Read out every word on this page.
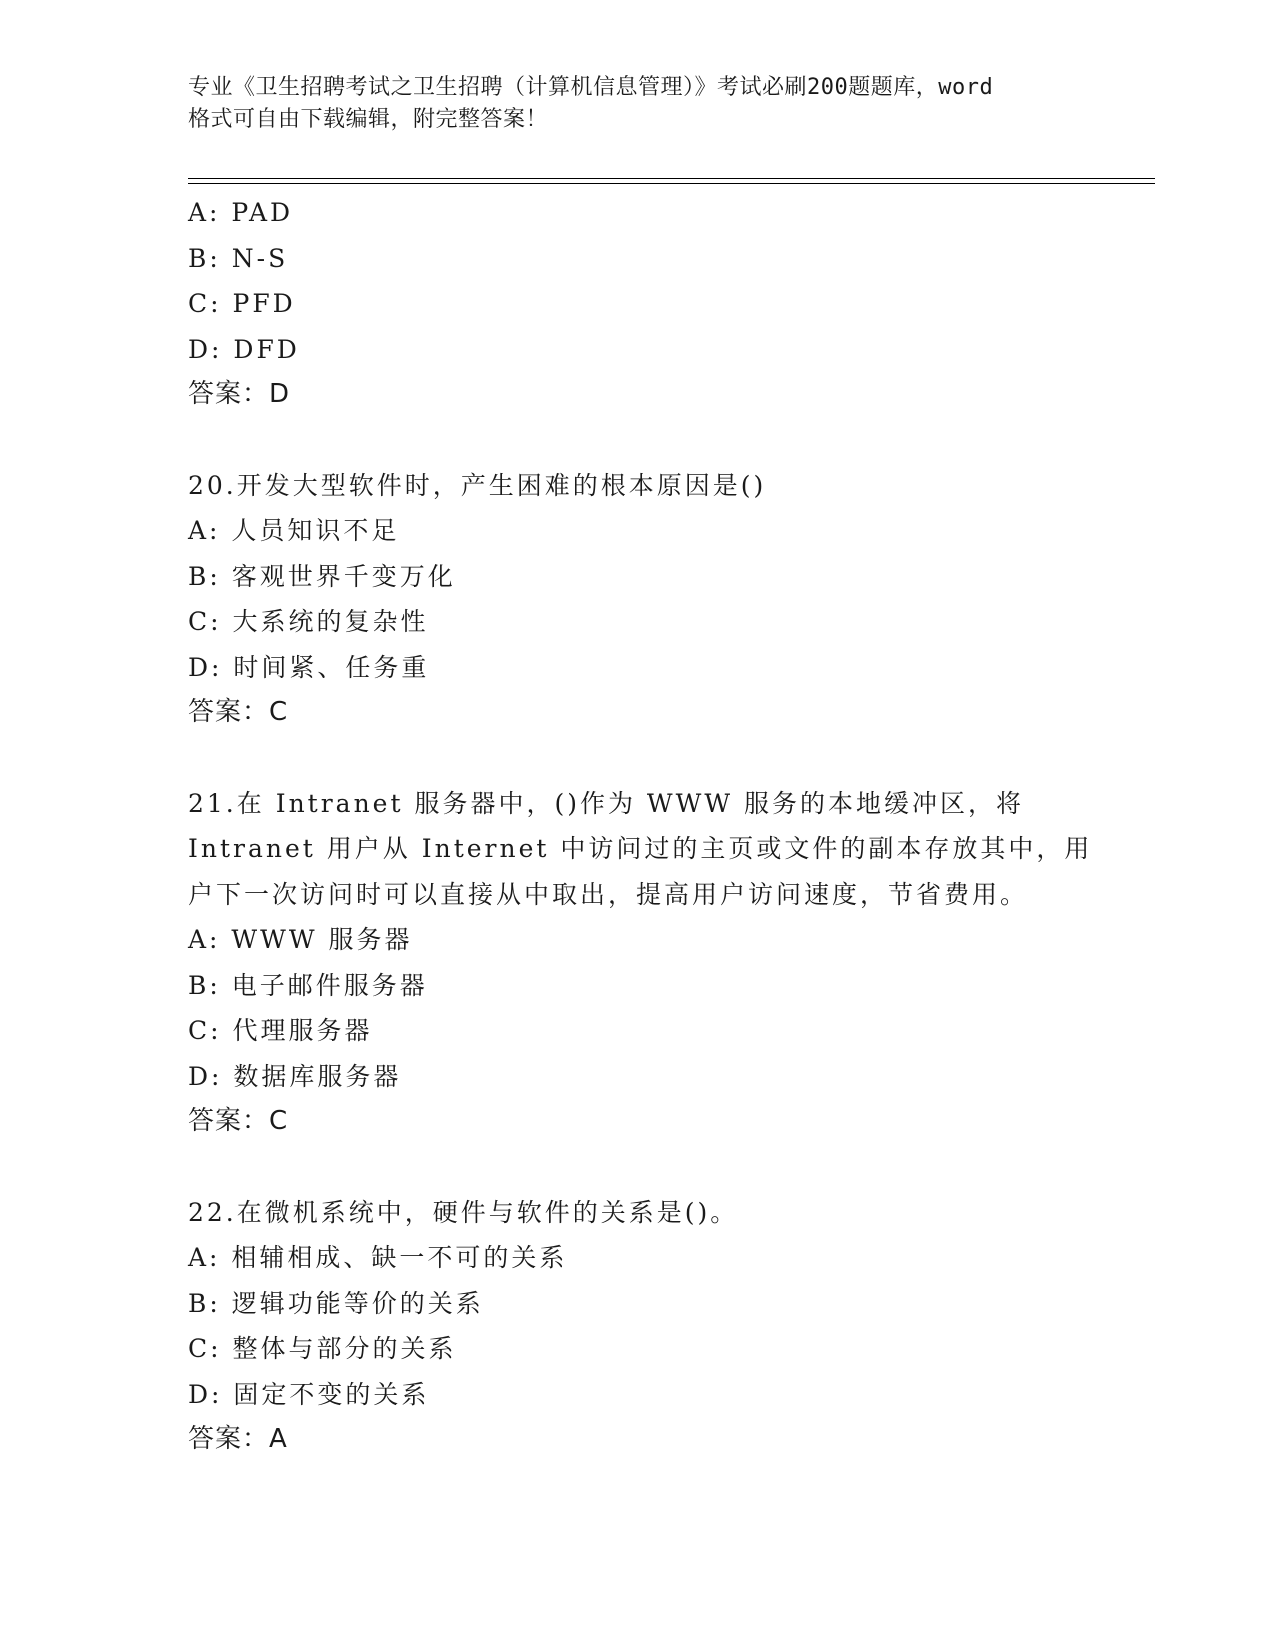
专业《卫生招聘考试之卫生招聘（计算机信息管理）》考试必刷200题题库，word
格式可自由下载编辑，附完整答案！
A: PAD
B: N-S
C: PFD
D: DFD
答案：D
20.开发大型软件时，产生困难的根本原因是()
A: 人员知识不足
B: 客观世界千变万化
C: 大系统的复杂性
D: 时间紧、任务重
答案：C
21.在 Intranet 服务器中，()作为 WWW 服务的本地缓冲区，将
Intranet 用户从 Internet 中访问过的主页或文件的副本存放其中，用
户下一次访问时可以直接从中取出，提高用户访问速度，节省费用。
A: WWW 服务器
B: 电子邮件服务器
C: 代理服务器
D: 数据库服务器
答案：C
22.在微机系统中，硬件与软件的关系是()。
A: 相辅相成、缺一不可的关系
B: 逻辑功能等价的关系
C: 整体与部分的关系
D: 固定不变的关系
答案：A
